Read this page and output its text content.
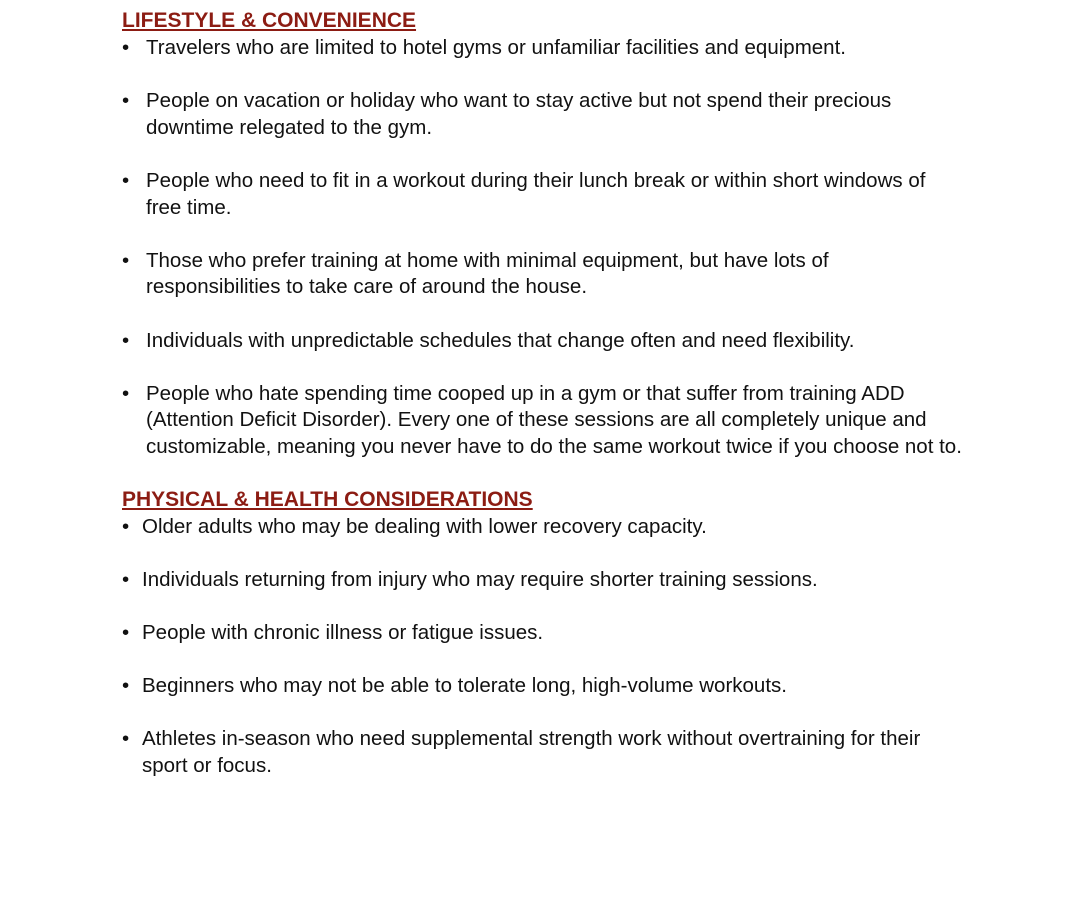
LIFESTYLE & CONVENIENCE
• Travelers who are limited to hotel gyms or unfamiliar facilities and equipment.
• People on vacation or holiday who want to stay active but not spend their precious downtime relegated to the gym.
• People who need to fit in a workout during their lunch break or within short windows of free time.
• Those who prefer training at home with minimal equipment, but have lots of responsibilities to take care of around the house.
• Individuals with unpredictable schedules that change often and need flexibility.
• People who hate spending time cooped up in a gym or that suffer from training ADD (Attention Deficit Disorder). Every one of these sessions are all completely unique and customizable, meaning you never have to do the same workout twice if you choose not to.
PHYSICAL & HEALTH CONSIDERATIONS
• Older adults who may be dealing with lower recovery capacity.
• Individuals returning from injury who may require shorter training sessions.
• People with chronic illness or fatigue issues.
• Beginners who may not be able to tolerate long, high-volume workouts.
• Athletes in-season who need supplemental strength work without overtraining for their sport or focus.
